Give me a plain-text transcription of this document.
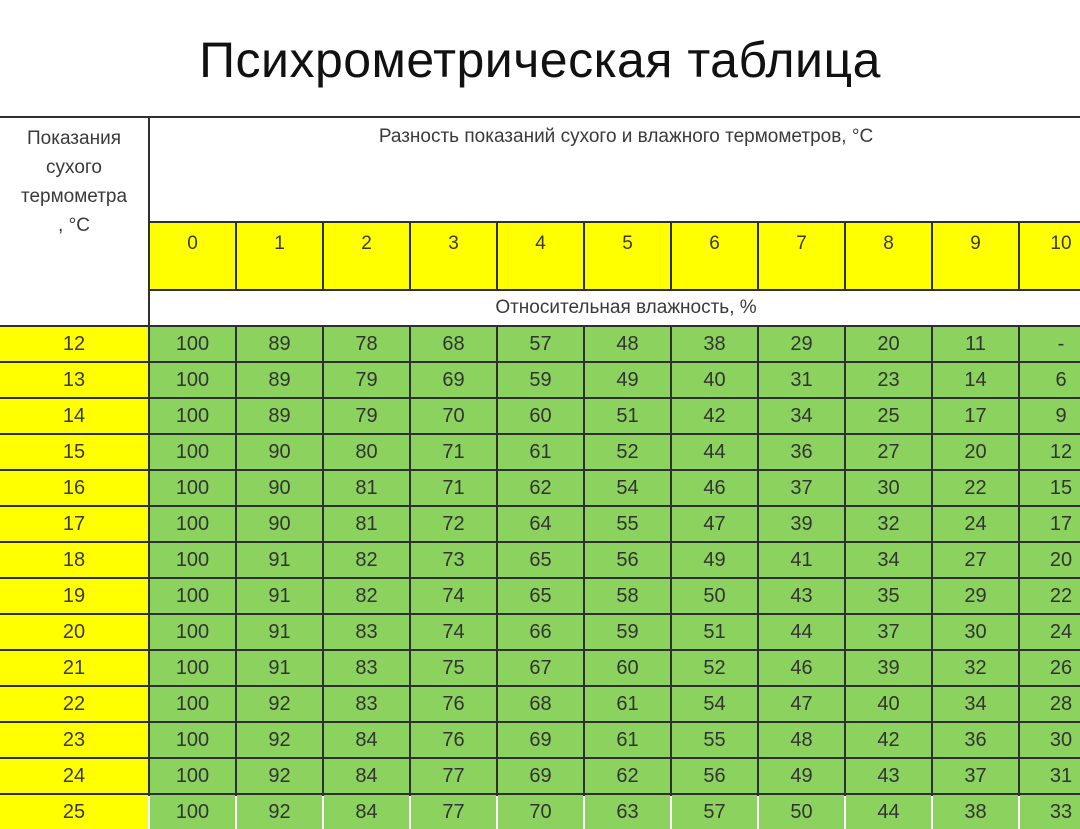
Психрометрическая таблица
Показания
сухого
термометра
, °С
Разность показаний сухого и влажного термометров, °С
Относительная влажность, %
0	1	2	3	4	5	6	7	8	9	10
12	100	89	78	68	57	48	38	29	20	11	-
13	100	89	79	69	59	49	40	31	23	14	6
14	100	89	79	70	60	51	42	34	25	17	9
15	100	90	80	71	61	52	44	36	27	20	12
16	100	90	81	71	62	54	46	37	30	22	15
17	100	90	81	72	64	55	47	39	32	24	17
18	100	91	82	73	65	56	49	41	34	27	20
19	100	91	82	74	65	58	50	43	35	29	22
20	100	91	83	74	66	59	51	44	37	30	24
21	100	91	83	75	67	60	52	46	39	32	26
22	100	92	83	76	68	61	54	47	40	34	28
23	100	92	84	76	69	61	55	48	42	36	30
24	100	92	84	77	69	62	56	49	43	37	31
25	100	92	84	77	70	63	57	50	44	38	33
